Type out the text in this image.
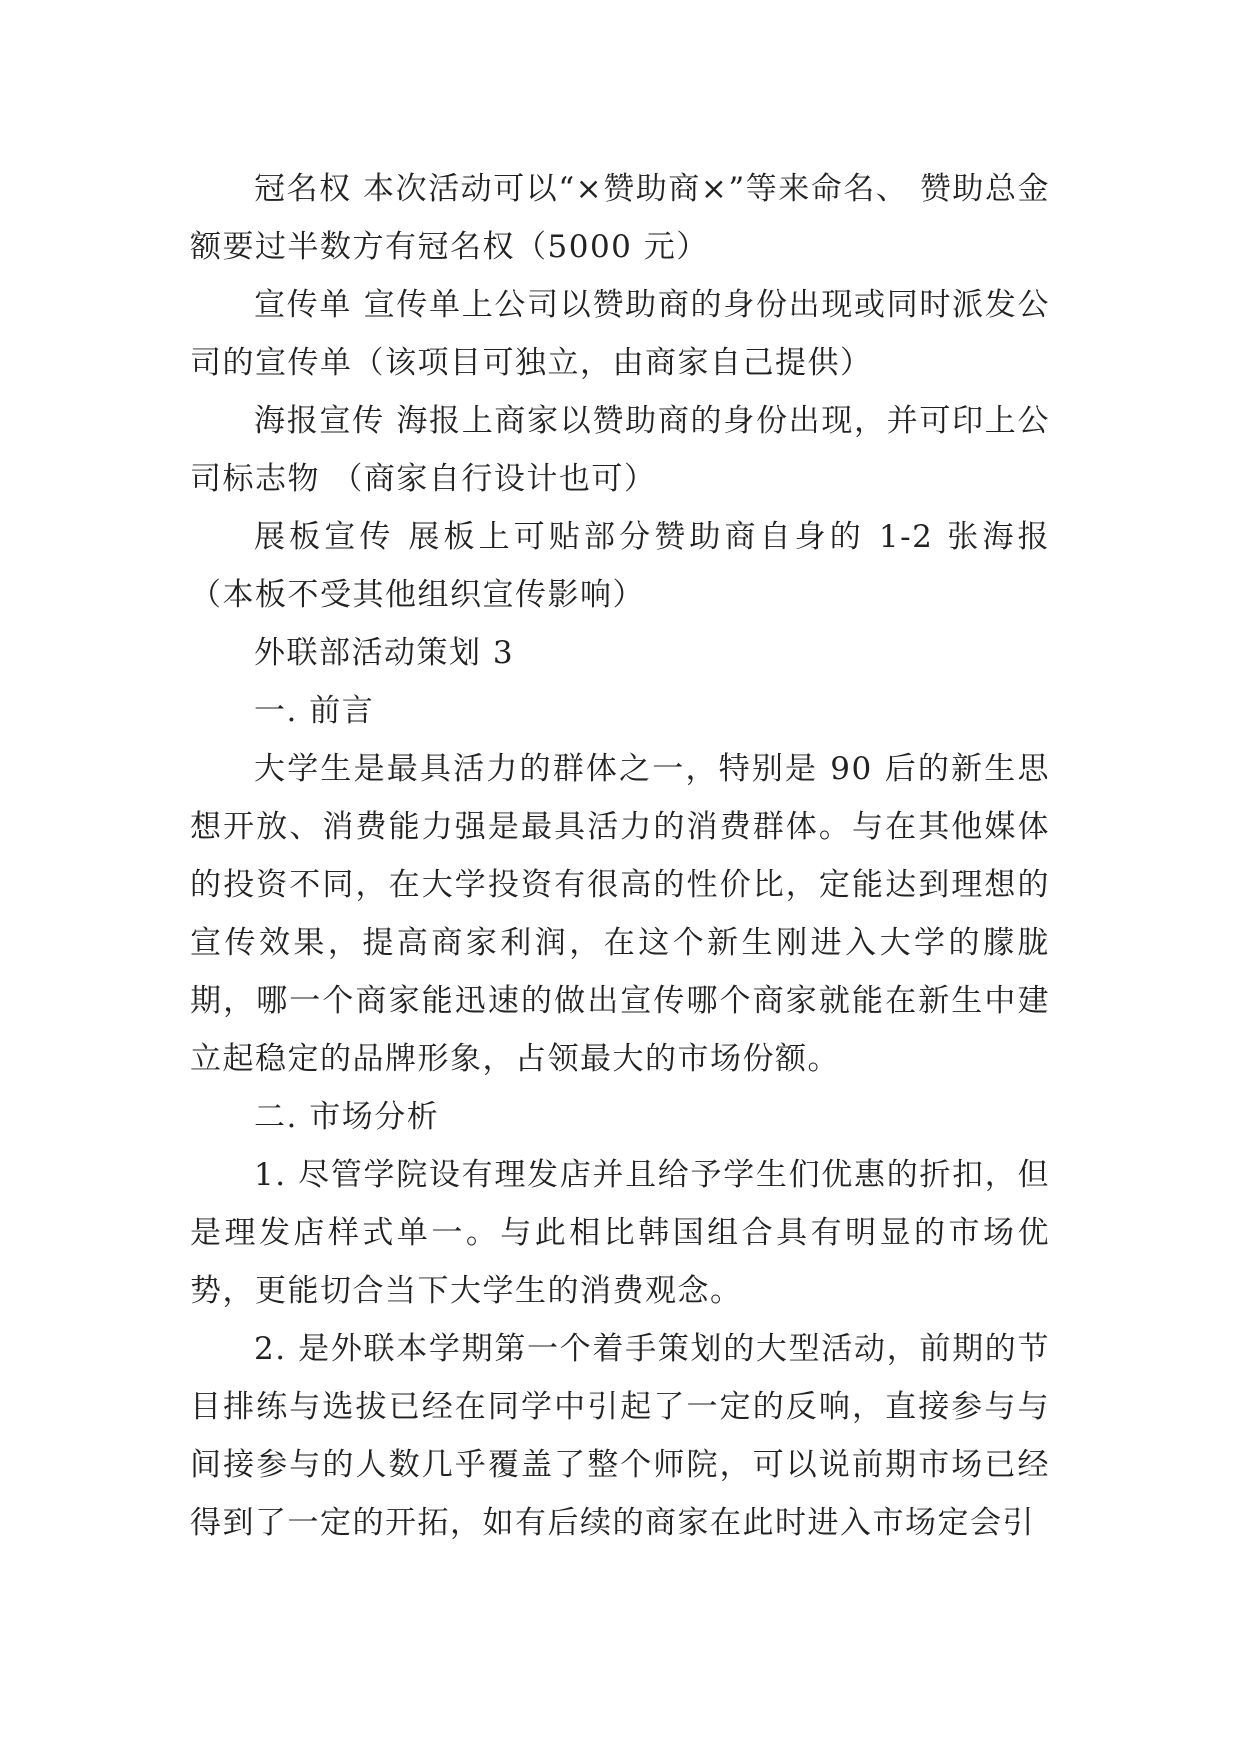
冠名权 本次活动可以“×赞助商×”等来命名、 赞助总金额要过半数方有冠名权（5000 元）

宣传单 宣传单上公司以赞助商的身份出现或同时派发公司的宣传单（该项目可独立，由商家自己提供）

海报宣传 海报上商家以赞助商的身份出现，并可印上公司标志物 （商家自行设计也可）

展板宣传 展板上可贴部分赞助商自身的 1-2 张海报（本板不受其他组织宣传影响）

外联部活动策划 3

一. 前言

大学生是最具活力的群体之一，特别是 90 后的新生思想开放、消费能力强是最具活力的消费群体。与在其他媒体的投资不同，在大学投资有很高的性价比，定能达到理想的宣传效果，提高商家利润，在这个新生刚进入大学的朦胧期，哪一个商家能迅速的做出宣传哪个商家就能在新生中建立起稳定的品牌形象，占领最大的市场份额。

二. 市场分析

1. 尽管学院设有理发店并且给予学生们优惠的折扣，但是理发店样式单一。与此相比韩国组合具有明显的市场优势，更能切合当下大学生的消费观念。

2. 是外联本学期第一个着手策划的大型活动，前期的节目排练与选拔已经在同学中引起了一定的反响，直接参与与间接参与的人数几乎覆盖了整个师院，可以说前期市场已经得到了一定的开拓，如有后续的商家在此时进入市场定会引
